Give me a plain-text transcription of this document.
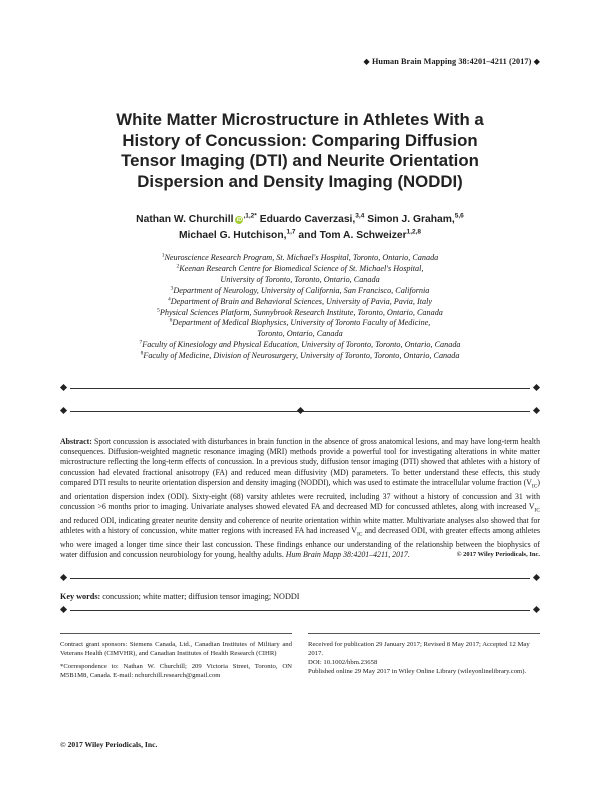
◆ Human Brain Mapping 38:4201–4211 (2017) ◆
White Matter Microstructure in Athletes With a
History of Concussion: Comparing Diffusion
Tensor Imaging (DTI) and Neurite Orientation
Dispersion and Density Imaging (NODDI)
Nathan W. Churchill $iD^{,1,2*}$ Eduardo Caverzasi,$^{3,4}$ Simon J. Graham,$^{5,6}$
Michael G. Hutchison,$^{1,7}$ and Tom A. Schweizer$^{1,2,8}$
$^1$Neuroscience Research Program, St. Michael's Hospital, Toronto, Ontario, Canada
$^2$Keenan Research Centre for Biomedical Science of St. Michael's Hospital,
University of Toronto, Toronto, Ontario, Canada
$^3$Department of Neurology, University of California, San Francisco, California
$^4$Department of Brain and Behavioral Sciences, University of Pavia, Pavia, Italy
$^5$Physical Sciences Platform, Sunnybrook Research Institute, Toronto, Ontario, Canada
$^6$Department of Medical Biophysics, University of Toronto Faculty of Medicine,
Toronto, Ontario, Canada
$^7$Faculty of Kinesiology and Physical Education, University of Toronto, Toronto, Ontario, Canada
$^8$Faculty of Medicine, Division of Neurosurgery, University of Toronto, Toronto, Ontario, Canada
Abstract: Sport concussion is associated with disturbances in brain function in the absence of gross anatomical lesions, and may have long-term health consequences. Diffusion-weighted magnetic resonance imaging (MRI) methods provide a powerful tool for investigating alterations in white matter microstructure reflecting the long-term effects of concussion. In a previous study, diffusion tensor imaging (DTI) showed that athletes with a history of concussion had elevated fractional anisotropy (FA) and reduced mean diffusivity (MD) parameters. To better understand these effects, this study compared DTI results to neurite orientation dispersion and density imaging (NODDI), which was used to estimate the intracellular volume fraction $(V_{IC})$ and orientation dispersion index (ODI). Sixty-eight (68) varsity athletes were recruited, including 37 without a history of concussion and 31 with concussion >6 months prior to imaging. Univariate analyses showed elevated FA and decreased MD for concussed athletes, along with increased $V_{IC}$ and reduced ODI, indicating greater neurite density and coherence of neurite orientation within white matter. Multivariate analyses also showed that for athletes with a history of concussion, white matter regions with increased FA had increased $V_{IC}$ and decreased ODI, with greater effects among athletes who were imaged a longer time since their last concussion. These findings enhance our understanding of the relationship between the biophysics of water diffusion and concussion neurobiology for young, healthy adults. Hum Brain Mapp 38:4201–4211, 2017.	© 2017 Wiley Periodicals, Inc.
Key words: concussion; white matter; diffusion tensor imaging; NODDI

Contract grant sponsors: Siemens Canada, Ltd., Canadian Institutes of Military and Veterans Health (CIMVHR), and Canadian Institutes of Health Research (CIHR)

*Correspondence to: Nathan W. Churchill; 209 Victoria Street, Toronto, ON M5B1M8, Canada. E-mail: nchurchill.research@gmail.com

Received for publication 29 January 2017; Revised 8 May 2017; Accepted 12 May 2017.

DOI: 10.1002/hbm.23658

Published online 29 May 2017 in Wiley Online Library (wileyonlinelibrary.com).

© 2017 Wiley Periodicals, Inc.
